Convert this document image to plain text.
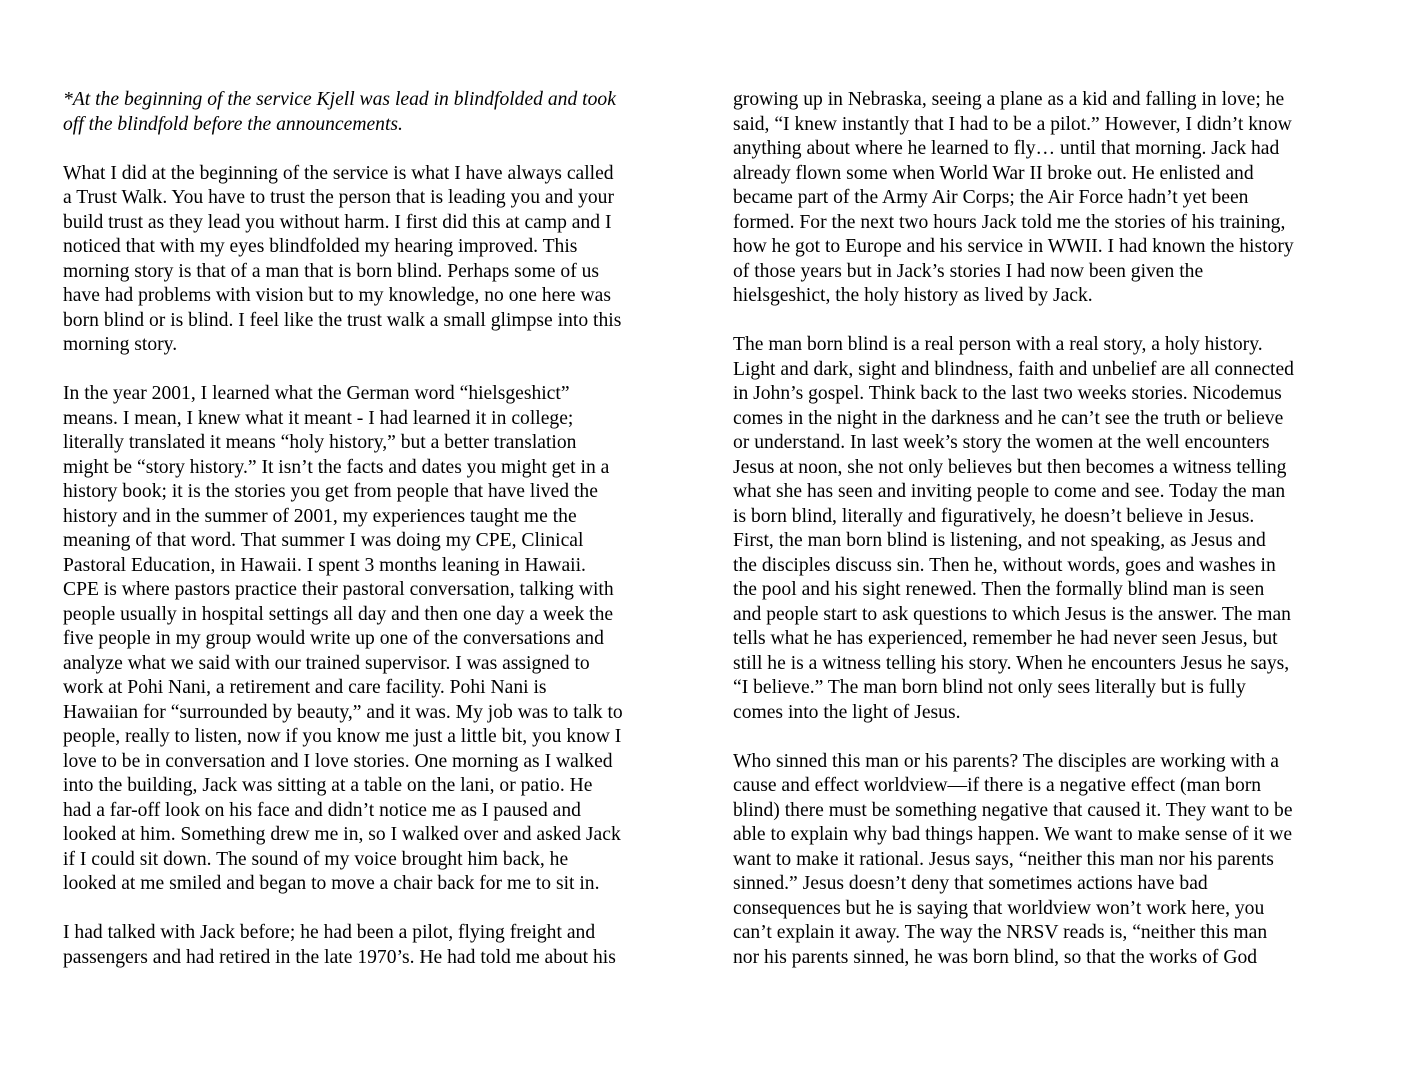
*At the beginning of the service Kjell was lead in blindfolded and took
off the blindfold before the announcements.
What I did at the beginning of the service is what I have always called
a Trust Walk. You have to trust the person that is leading you and your
build trust as they lead you without harm. I first did this at camp and I
noticed that with my eyes blindfolded my hearing improved. This
morning story is that of a man that is born blind. Perhaps some of us
have had problems with vision but to my knowledge, no one here was
born blind or is blind. I feel like the trust walk a small glimpse into this
morning story.
In the year 2001, I learned what the German word “hielsgeshict”
means. I mean, I knew what it meant - I had learned it in college;
literally translated it means “holy history,” but a better translation
might be “story history.” It isn’t the facts and dates you might get in a
history book; it is the stories you get from people that have lived the
history and in the summer of 2001, my experiences taught me the
meaning of that word. That summer I was doing my CPE, Clinical
Pastoral Education, in Hawaii. I spent 3 months leaning in Hawaii.
CPE is where pastors practice their pastoral conversation, talking with
people usually in hospital settings all day and then one day a week the
five people in my group would write up one of the conversations and
analyze what we said with our trained supervisor. I was assigned to
work at Pohi Nani, a retirement and care facility. Pohi Nani is
Hawaiian for “surrounded by beauty,” and it was. My job was to talk to
people, really to listen, now if you know me just a little bit, you know I
love to be in conversation and I love stories. One morning as I walked
into the building, Jack was sitting at a table on the lani, or patio. He
had a far-off look on his face and didn’t notice me as I paused and
looked at him. Something drew me in, so I walked over and asked Jack
if I could sit down. The sound of my voice brought him back, he
looked at me smiled and began to move a chair back for me to sit in.
I had talked with Jack before; he had been a pilot, flying freight and
passengers and had retired in the late 1970’s. He had told me about his
growing up in Nebraska, seeing a plane as a kid and falling in love; he
said, “I knew instantly that I had to be a pilot.” However, I didn’t know
anything about where he learned to fly… until that morning. Jack had
already flown some when World War II broke out. He enlisted and
became part of the Army Air Corps; the Air Force hadn’t yet been
formed. For the next two hours Jack told me the stories of his training,
how he got to Europe and his service in WWII. I had known the history
of those years but in Jack’s stories I had now been given the
hielsgeshict, the holy history as lived by Jack.
The man born blind is a real person with a real story, a holy history.
Light and dark, sight and blindness, faith and unbelief are all connected
in John’s gospel. Think back to the last two weeks stories. Nicodemus
comes in the night in the darkness and he can’t see the truth or believe
or understand. In last week’s story the women at the well encounters
Jesus at noon, she not only believes but then becomes a witness telling
what she has seen and inviting people to come and see. Today the man
is born blind, literally and figuratively, he doesn’t believe in Jesus.
First, the man born blind is listening, and not speaking, as Jesus and
the disciples discuss sin. Then he, without words, goes and washes in
the pool and his sight renewed. Then the formally blind man is seen
and people start to ask questions to which Jesus is the answer. The man
tells what he has experienced, remember he had never seen Jesus, but
still he is a witness telling his story. When he encounters Jesus he says,
“I believe.” The man born blind not only sees literally but is fully
comes into the light of Jesus.
Who sinned this man or his parents? The disciples are working with a
cause and effect worldview—if there is a negative effect (man born
blind) there must be something negative that caused it. They want to be
able to explain why bad things happen. We want to make sense of it we
want to make it rational. Jesus says, “neither this man nor his parents
sinned.” Jesus doesn’t deny that sometimes actions have bad
consequences but he is saying that worldview won’t work here, you
can’t explain it away. The way the NRSV reads is, “neither this man
nor his parents sinned, he was born blind, so that the works of God
